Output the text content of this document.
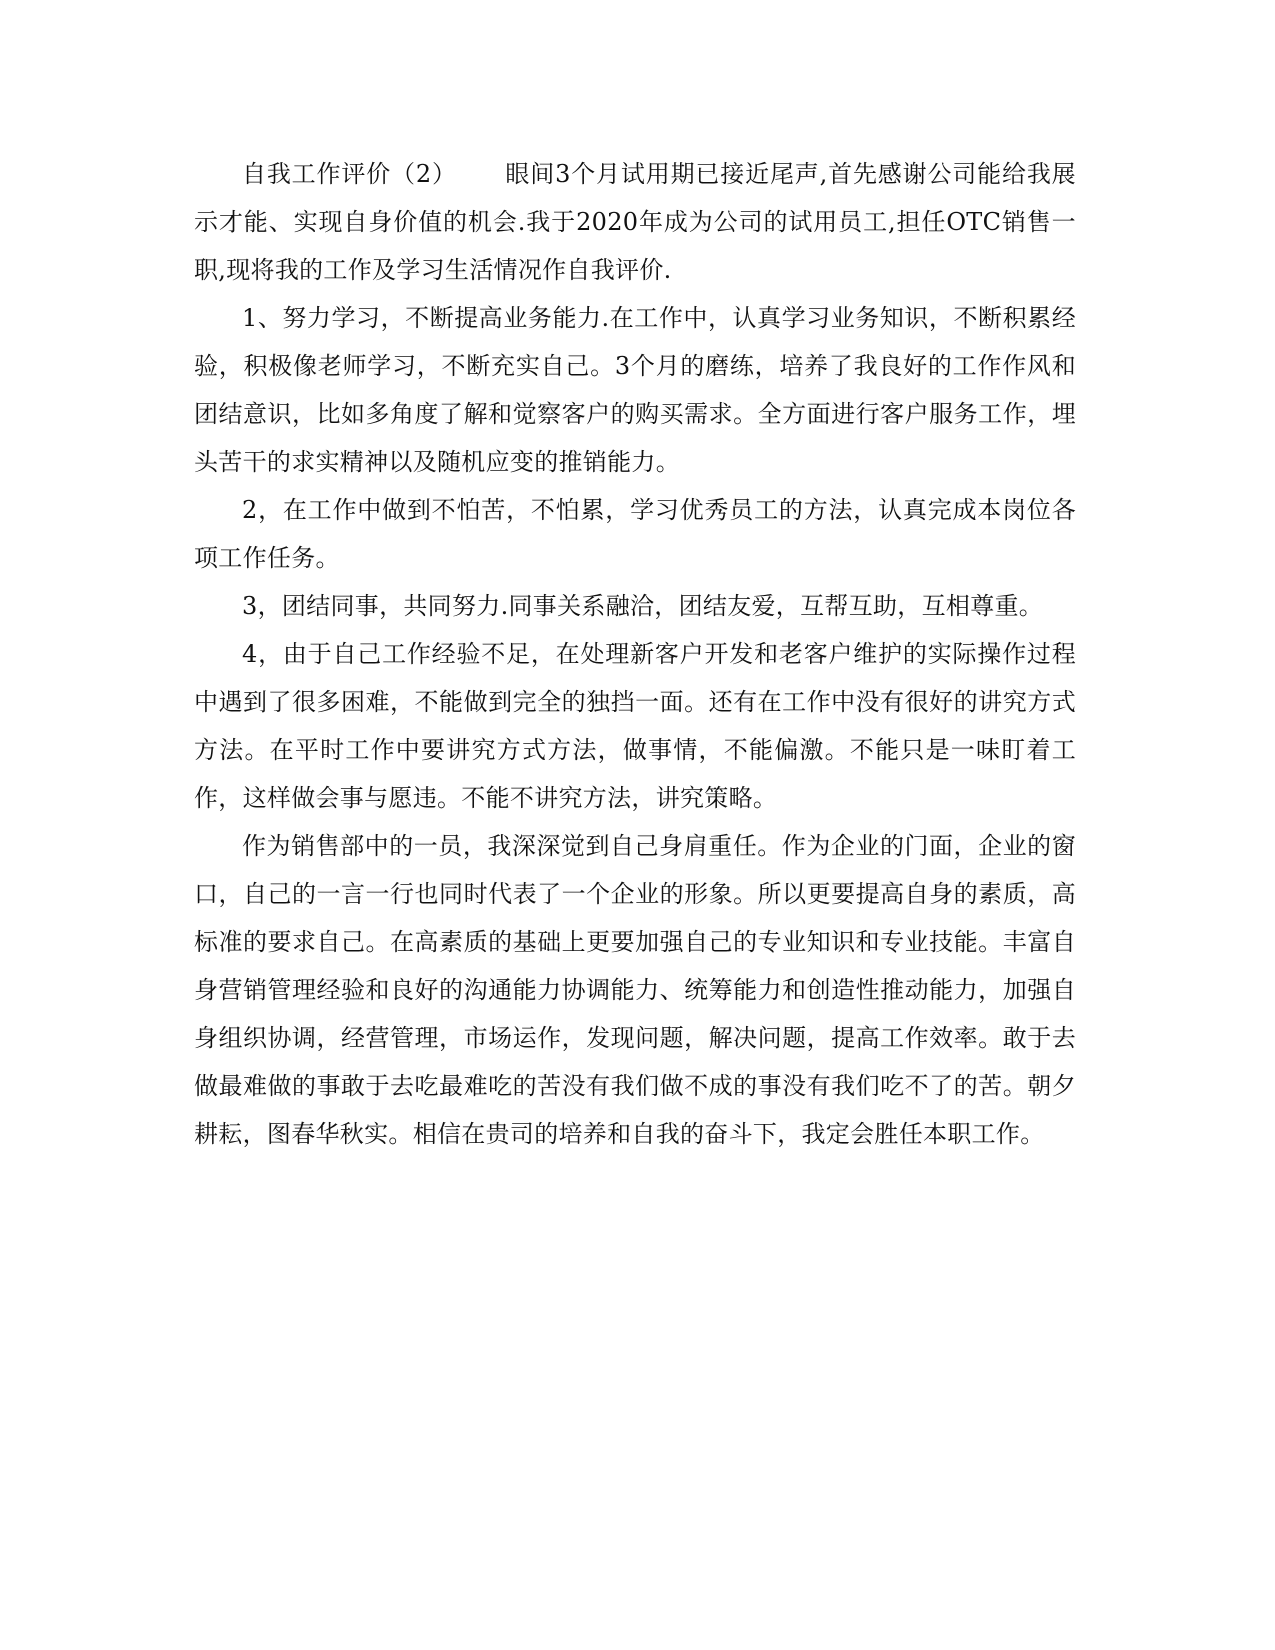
自我工作评价（2） 眼间3个月试用期已接近尾声,首先感谢公司能给我展示才能、实现自身价值的机会.我于2020年成为公司的试用员工,担任OTC销售一职,现将我的工作及学习生活情况作自我评价.

1、努力学习，不断提高业务能力.在工作中，认真学习业务知识，不断积累经验，积极像老师学习，不断充实自己。3个月的磨练，培养了我良好的工作作风和团结意识，比如多角度了解和觉察客户的购买需求。全方面进行客户服务工作，埋头苦干的求实精神以及随机应变的推销能力。

2，在工作中做到不怕苦，不怕累，学习优秀员工的方法，认真完成本岗位各项工作任务。

3，团结同事，共同努力.同事关系融洽，团结友爱，互帮互助，互相尊重。

4，由于自己工作经验不足，在处理新客户开发和老客户维护的实际操作过程中遇到了很多困难，不能做到完全的独挡一面。还有在工作中没有很好的讲究方式方法。在平时工作中要讲究方式方法，做事情，不能偏激。不能只是一味盯着工作，这样做会事与愿违。不能不讲究方法，讲究策略。

作为销售部中的一员，我深深觉到自己身肩重任。作为企业的门面，企业的窗口，自己的一言一行也同时代表了一个企业的形象。所以更要提高自身的素质，高标准的要求自己。在高素质的基础上更要加强自己的专业知识和专业技能。丰富自身营销管理经验和良好的沟通能力协调能力、统筹能力和创造性推动能力，加强自身组织协调，经营管理，市场运作，发现问题，解决问题，提高工作效率。敢于去做最难做的事敢于去吃最难吃的苦没有我们做不成的事没有我们吃不了的苦。朝夕耕耘，图春华秋实。相信在贵司的培养和自我的奋斗下，我定会胜任本职工作。
